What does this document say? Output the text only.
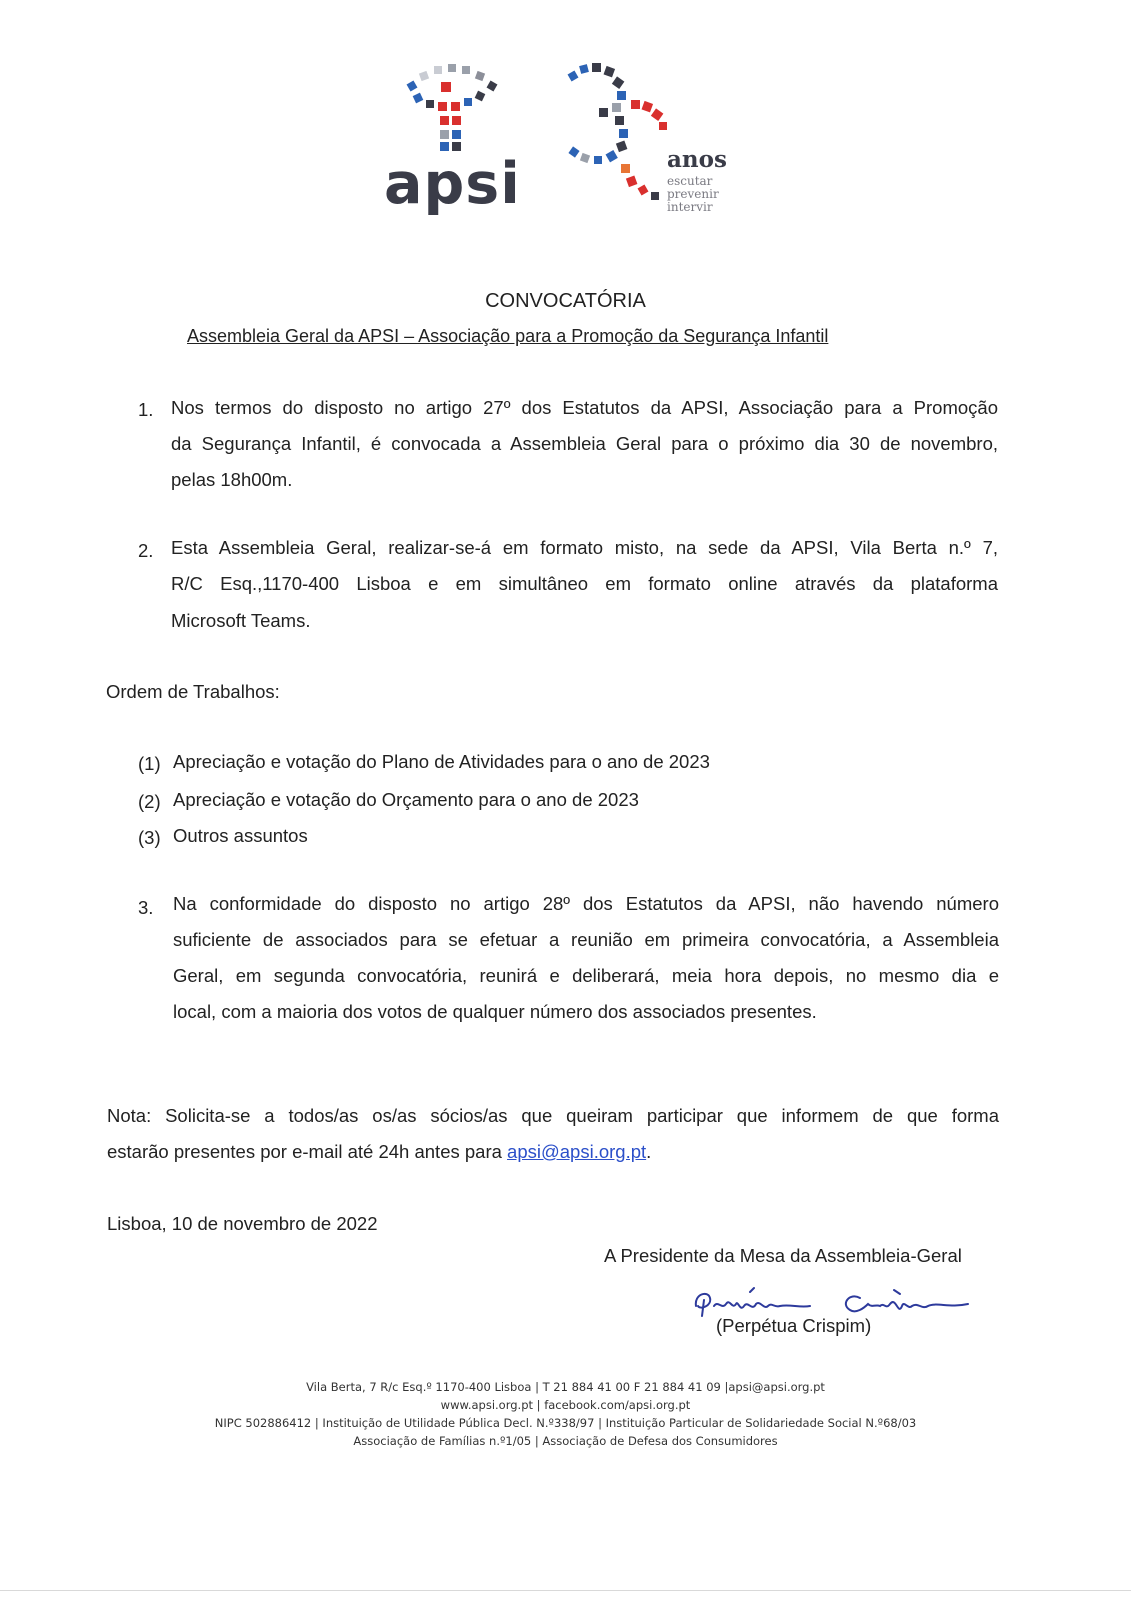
apsi	anos
escutar
prevenir
intervir
CONVOCATÓRIA
Assembleia Geral da APSI – Associação para a Promoção da Segurança Infantil
1. Nos termos do disposto no artigo 27º dos Estatutos da APSI, Associação para a Promoção
da Segurança Infantil, é convocada a Assembleia Geral para o próximo dia 30 de novembro,
pelas 18h00m.
2. Esta Assembleia Geral, realizar-se-á em formato misto, na sede da APSI, Vila Berta n.º 7,
R/C Esq.,1170-400 Lisboa e em simultâneo em formato online através da plataforma
Microsoft Teams.
Ordem de Trabalhos:
(1) Apreciação e votação do Plano de Atividades para o ano de 2023
(2) Apreciação e votação do Orçamento para o ano de 2023
(3) Outros assuntos
3. Na conformidade do disposto no artigo 28º dos Estatutos da APSI, não havendo número
suficiente de associados para se efetuar a reunião em primeira convocatória, a Assembleia
Geral, em segunda convocatória, reunirá e deliberará, meia hora depois, no mesmo dia e
local, com a maioria dos votos de qualquer número dos associados presentes.
Nota: Solicita-se a todos/as os/as sócios/as que queiram participar que informem de que forma
estarão presentes por e-mail até 24h antes para apsi@apsi.org.pt.
Lisboa, 10 de novembro de 2022
A Presidente da Mesa da Assembleia-Geral
(Perpétua Crispim)
Vila Berta, 7 R/c Esq.º 1170-400 Lisboa | T 21 884 41 00 F 21 884 41 09 |apsi@apsi.org.pt
www.apsi.org.pt | facebook.com/apsi.org.pt
NIPC 502886412 | Instituição de Utilidade Pública Decl. N.º338/97 | Instituição Particular de Solidariedade Social N.º68/03
Associação de Famílias n.º1/05 | Associação de Defesa dos Consumidores
